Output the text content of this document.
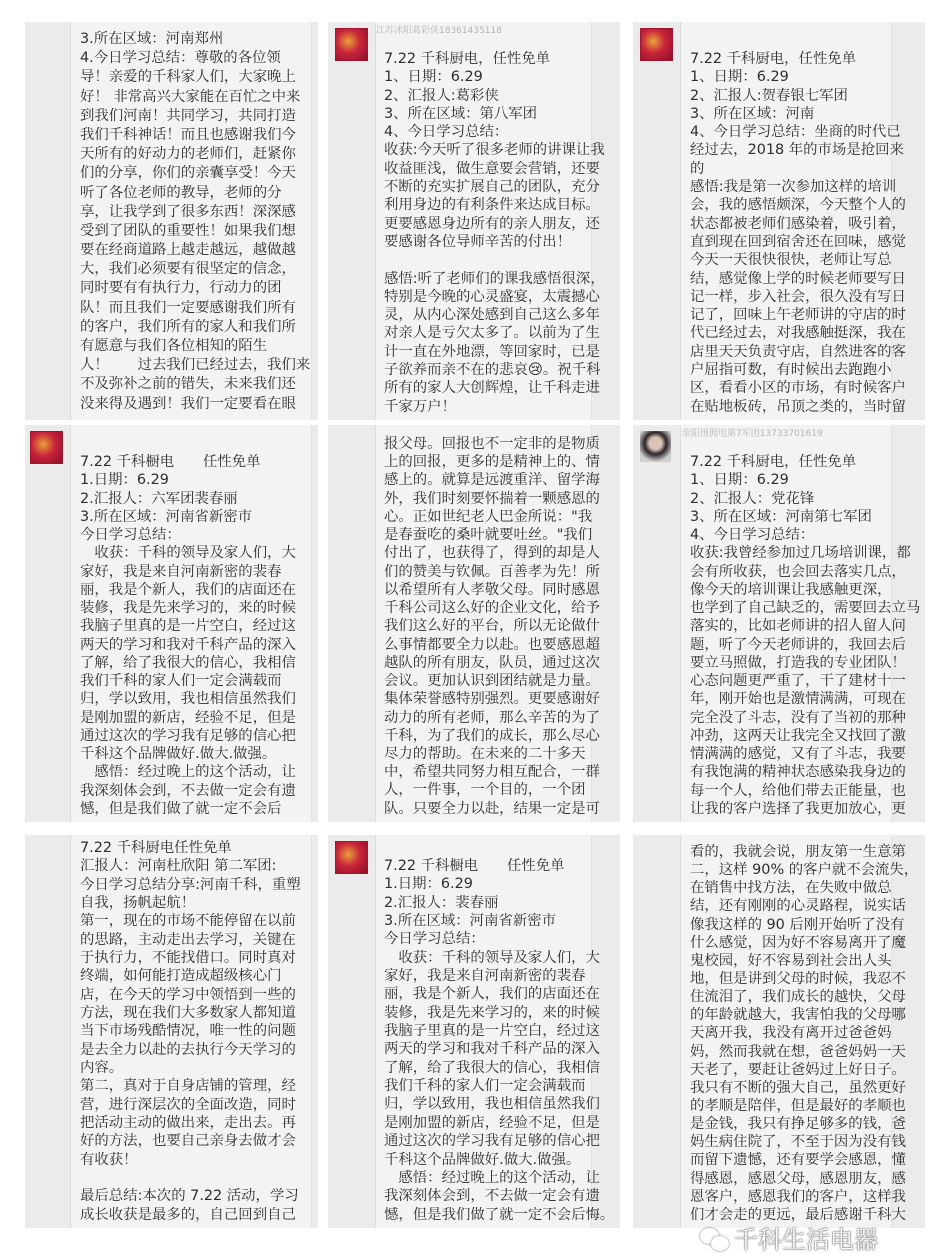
3.所在区域：河南郑州
4.今日学习总结：尊敬的各位领
导！亲爱的千科家人们，大家晚上
好！ 非常高兴大家能在百忙之中来
到我们河南！共同学习，共同打造
我们千科神话！而且也感谢我们今
天所有的好动力的老师们，赶紧你
们的分享，你们的亲囊享受！今天
听了各位老师的教导，老师的分
享，让我学到了很多东西！深深感
受到了团队的重要性！如果我们想
要在经商道路上越走越远，越做越
大，我们必须要有很坚定的信念，
同时要有有执行力，行动力的团
队！而且我们一定要感谢我们所有
的客户，我们所有的家人和我们所
有愿意与我们各位相知的陌生
人！　　过去我们已经过去，我们来
不及弥补之前的错失，未来我们还
没来得及遇到！我们一定要看在眼
江苏沭阳葛彩侠18361435118
7.22 千科厨电，任性免单
1、日期：6.29
2、汇报人:葛彩侠
3、所在区域：第八军团
4、今日学习总结：
收获:今天听了很多老师的讲课让我
收益匪浅，做生意要会营销，还要
不断的充实扩展自己的团队，充分
利用身边的有利条件来达成目标。
更要感恩身边所有的亲人朋友，还
要感谢各位导师辛苦的付出！
感悟:听了老师们的课我感悟很深，
特别是今晚的心灵盛宴，太震撼心
灵，从内心深处感到自己这么多年
对亲人是亏欠太多了。以前为了生
计一直在外地漂，等回家时，已是
子欲养而亲不在的悲哀😢。祝千科
所有的家人大创辉煌，让千科走进
千家万户！
7.22 千科厨电，任性免单
1、日期：6.29
2、汇报人:贺春银七军团
3、所在区域：河南
4、今日学习总结：坐商的时代已
经过去，2018 年的市场是抢回来
的
感悟:我是第一次参加这样的培训
会，我的感悟颇深，今天整个人的
状态都被老师们感染着，吸引着，
直到现在回到宿舍还在回味，感觉
今天一天很快很快，老师让写总
结，感觉像上学的时候老师要写日
记一样，步入社会，很久没有写日
记了，回味上午老师讲的守店的时
代已经过去，对我感触挺深，我在
店里天天负责守店，自然进客的客
户屈指可数，有时候出去跑跑小
区，看看小区的市场，有时候客户
在贴地板砖，吊顶之类的，当时留
7.22 千科橱电　　任性免单
1.日期：6.29
2.汇报人：六军团裴春丽
3.所在区域：河南省新密市
今日学习总结：
　收获：千科的领导及家人们，大
家好，我是来自河南新密的裴春
丽，我是个新人，我们的店面还在
装修，我是先来学习的，来的时候
我脑子里真的是一片空白，经过这
两天的学习和我对千科产品的深入
了解，给了我很大的信心，我相信
我们千科的家人们一定会满载而
归，学以致用，我也相信虽然我们
是刚加盟的新店，经验不足，但是
通过这次的学习我有足够的信心把
千科这个品牌做好.做大.做强。
　感悟：经过晚上的这个活动，让
我深刻体会到，不去做一定会有遗
憾，但是我们做了就一定不会后
报父母。回报也不一定非的是物质
上的回报，更多的是精神上的、情
感上的。就算是远渡重洋、留学海
外，我们时刻要怀揣着一颗感恩的
心。正如世纪老人巴金所说："我
是春蚕吃的桑叶就要吐丝。"我们
付出了，也获得了，得到的却是人
们的赞美与钦佩。百善孝为先！所
以希望所有人孝敬父母。同时感恩
千科公司这么好的企业文化，给予
我们这么好的平台，所以无论做什
么事情都要全力以赴。也要感恩超
越队的所有朋友，队员，通过这次
会议。更加认识到团结就是力量。
集体荣誉感特别强烈。更要感谢好
动力的所有老师，那么辛苦的为了
千科，为了我们的成长，那么尽心
尽力的帮助。在未来的二十多天
中，希望共同努力相互配合，一群
人，一件事，一个目的，一个团
队。只要全力以赴，结果一定是可
荥阳围佣电第7军团13733701619
7.22 千科厨电，任性免单
1、日期：6.29
2、汇报人：党花锋
3、所在区域：河南第七军团
4、今日学习总结：
收获:我曾经参加过几场培训课，都
会有所收获，也会回去落实几点，
像今天的培训课让我感触更深，
也学到了自己缺乏的，需要回去立马
落实的，比如老师讲的招人留人问
题，听了今天老师讲的，我回去后
要立马照做，打造我的专业团队！
心态问题更严重了，干了建材十一
年，刚开始也是激情满满，可现在
完全没了斗志，没有了当初的那种
冲劲，这两天让我完全又找回了激
情满满的感觉，又有了斗志，我要
有我饱满的精神状态感染我身边的
每一个人，给他们带去正能量，也
让我的客户选择了我更加放心，更
7.22 千科厨电任性免单
汇报人：河南杜欣阳 第二军团:
今日学习总结分享:河南千科，重塑
自我，扬帆起航！
第一，现在的市场不能停留在以前
的思路，主动走出去学习，关键在
于执行力，不能找借口。同时真对
终端，如何能打造成超级核心门
店，在今天的学习中领悟到一些的
方法，现在我们大多数家人都知道
当下市场残酷情况，唯一性的问题
是去全力以赴的去执行今天学习的
内容。
第二，真对于自身店铺的管理，经
营，进行深层次的全面改造，同时
把活动主动的做出来，走出去。再
好的方法，也要自己亲身去做才会
有收获！
最后总结:本次的 7.22 活动，学习
成长收获是最多的，自己回到自己
7.22 千科橱电　　任性免单
1.日期：6.29
2.汇报人：裴春丽
3.所在区域：河南省新密市
今日学习总结：
　收获：千科的领导及家人们，大
家好，我是来自河南新密的裴春
丽，我是个新人，我们的店面还在
装修，我是先来学习的，来的时候
我脑子里真的是一片空白，经过这
两天的学习和我对千科产品的深入
了解，给了我很大的信心，我相信
我们千科的家人们一定会满载而
归，学以致用，我也相信虽然我们
是刚加盟的新店，经验不足，但是
通过这次的学习我有足够的信心把
千科这个品牌做好.做大.做强。
　感悟：经过晚上的这个活动，让
我深刻体会到，不去做一定会有遗
憾，但是我们做了就一定不会后悔。
看的，我就会说，朋友第一生意第
二，这样 90% 的客户就不会流失，
在销售中找方法，在失败中做总
结，还有刚刚的心灵路程，说实话
像我这样的 90 后刚开始听了没有
什么感觉，因为好不容易离开了魔
鬼校园，好不容易到社会出人头
地，但是讲到父母的时候，我忍不
住流泪了，我们成长的越快，父母
的年龄就越大，我害怕我的父母哪
天离开我，我没有离开过爸爸妈
妈，然而我就在想，爸爸妈妈一天
天老了，要赶让爸妈过上好日子。
我只有不断的强大自己，虽然更好
的孝顺是陪伴，但是最好的孝顺也
是金钱，我只有挣足够多的钱，爸
妈生病住院了，不至于因为没有钱
而留下遗憾，还有要学会感恩，懂
得感恩，感恩父母，感恩朋友，感
恩客户，感恩我们的客户，这样我
们才会走的更远，最后感谢千科大
千科生活电器
